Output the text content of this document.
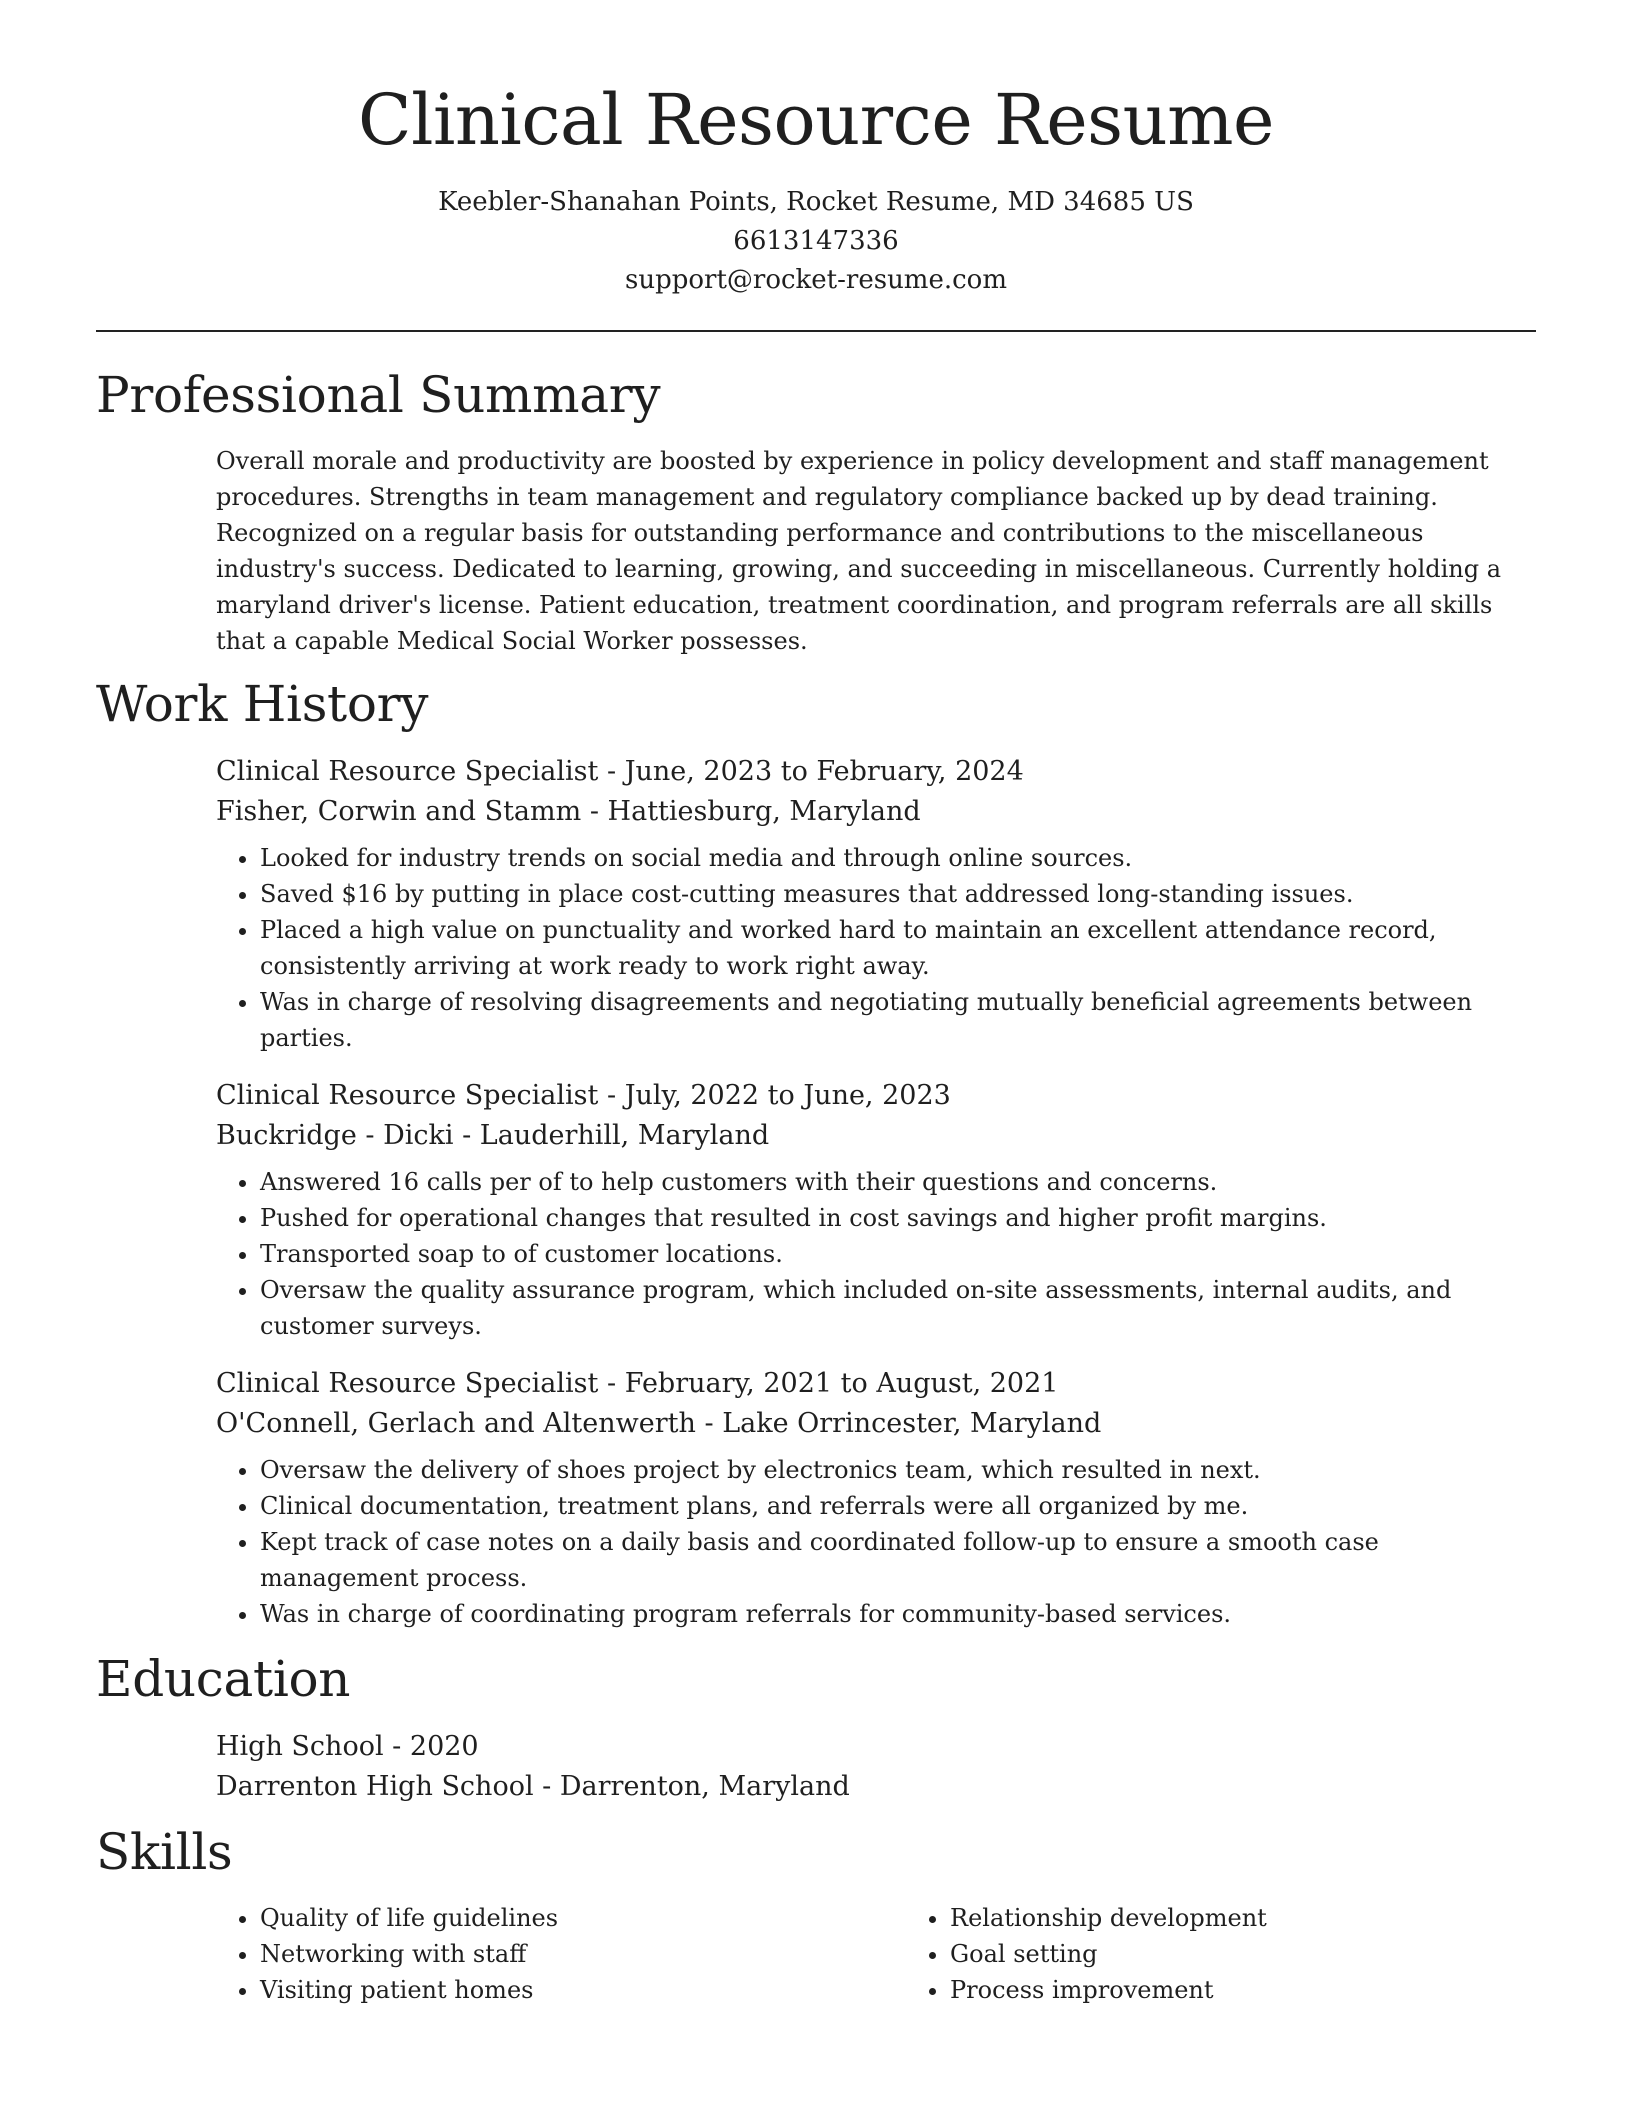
Clinical Resource Resume
Keebler-Shanahan Points, Rocket Resume, MD 34685 US
6613147336
support@rocket-resume.com
Professional Summary

Overall morale and productivity are boosted by experience in policy development and staff management procedures. Strengths in team management and regulatory compliance backed up by dead training. Recognized on a regular basis for outstanding performance and contributions to the miscellaneous industry's success. Dedicated to learning, growing, and succeeding in miscellaneous. Currently holding a maryland driver's license. Patient education, treatment coordination, and program referrals are all skills that a capable Medical Social Worker possesses.

Work History
Clinical Resource Specialist - June, 2023 to February, 2024
Fisher, Corwin and Stamm - Hattiesburg, Maryland
• Looked for industry trends on social media and through online sources.
• Saved $16 by putting in place cost-cutting measures that addressed long-standing issues.
• Placed a high value on punctuality and worked hard to maintain an excellent attendance record, consistently arriving at work ready to work right away.
• Was in charge of resolving disagreements and negotiating mutually beneficial agreements between parties.
Clinical Resource Specialist - July, 2022 to June, 2023
Buckridge - Dicki - Lauderhill, Maryland
• Answered 16 calls per of to help customers with their questions and concerns.
• Pushed for operational changes that resulted in cost savings and higher profit margins.
• Transported soap to of customer locations.
• Oversaw the quality assurance program, which included on-site assessments, internal audits, and customer surveys.
Clinical Resource Specialist - February, 2021 to August, 2021
O'Connell, Gerlach and Altenwerth - Lake Orrincester, Maryland
• Oversaw the delivery of shoes project by electronics team, which resulted in next.
• Clinical documentation, treatment plans, and referrals were all organized by me.
• Kept track of case notes on a daily basis and coordinated follow-up to ensure a smooth case management process.
• Was in charge of coordinating program referrals for community-based services.
Education
High School - 2020
Darrenton High School - Darrenton, Maryland
Skills
• Quality of life guidelines
• Networking with staff
• Visiting patient homes
• Relationship development
• Goal setting
• Process improvement
